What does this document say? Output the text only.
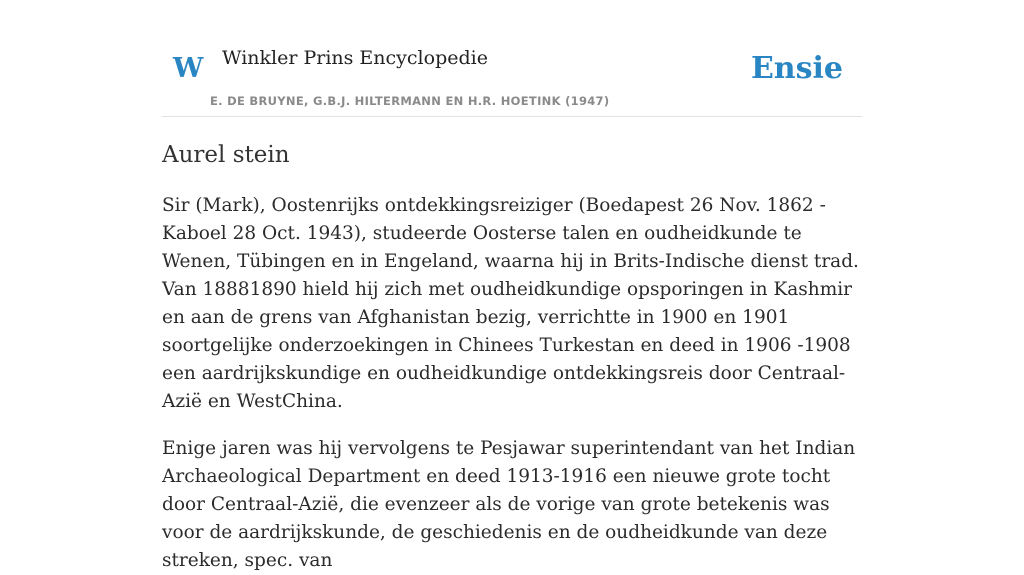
W Winkler Prins Encyclopedie
E. DE BRUYNE, G.B.J. HILTERMANN EN H.R. HOETINK (1947)
Ensie
Aurel stein

Sir (Mark), Oostenrijks ontdekkingsreiziger (Boedapest 26 Nov. 1862 - Kaboel 28 Oct. 1943), studeerde Oosterse talen en oudheidkunde te Wenen, Tübingen en in Engeland, waarna hij in Brits-Indische dienst trad. Van 18881890 hield hij zich met oudheidkundige opsporingen in Kashmir en aan de grens van Afghanistan bezig, verrichtte in 1900 en 1901 soortgelijke onderzoekingen in Chinees Turkestan en deed in 1906 -1908 een aardrijkskundige en oudheidkundige ontdekkingsreis door Centraal-Azië en WestChina.

Enige jaren was hij vervolgens te Pesjawar superintendant van het Indian Archaeological Department en deed 1913-1916 een nieuwe grote tocht door Centraal-Azië, die evenzeer als de vorige van grote betekenis was voor de aardrijkskunde, de geschiedenis en de oudheidkunde van deze streken, spec. van
